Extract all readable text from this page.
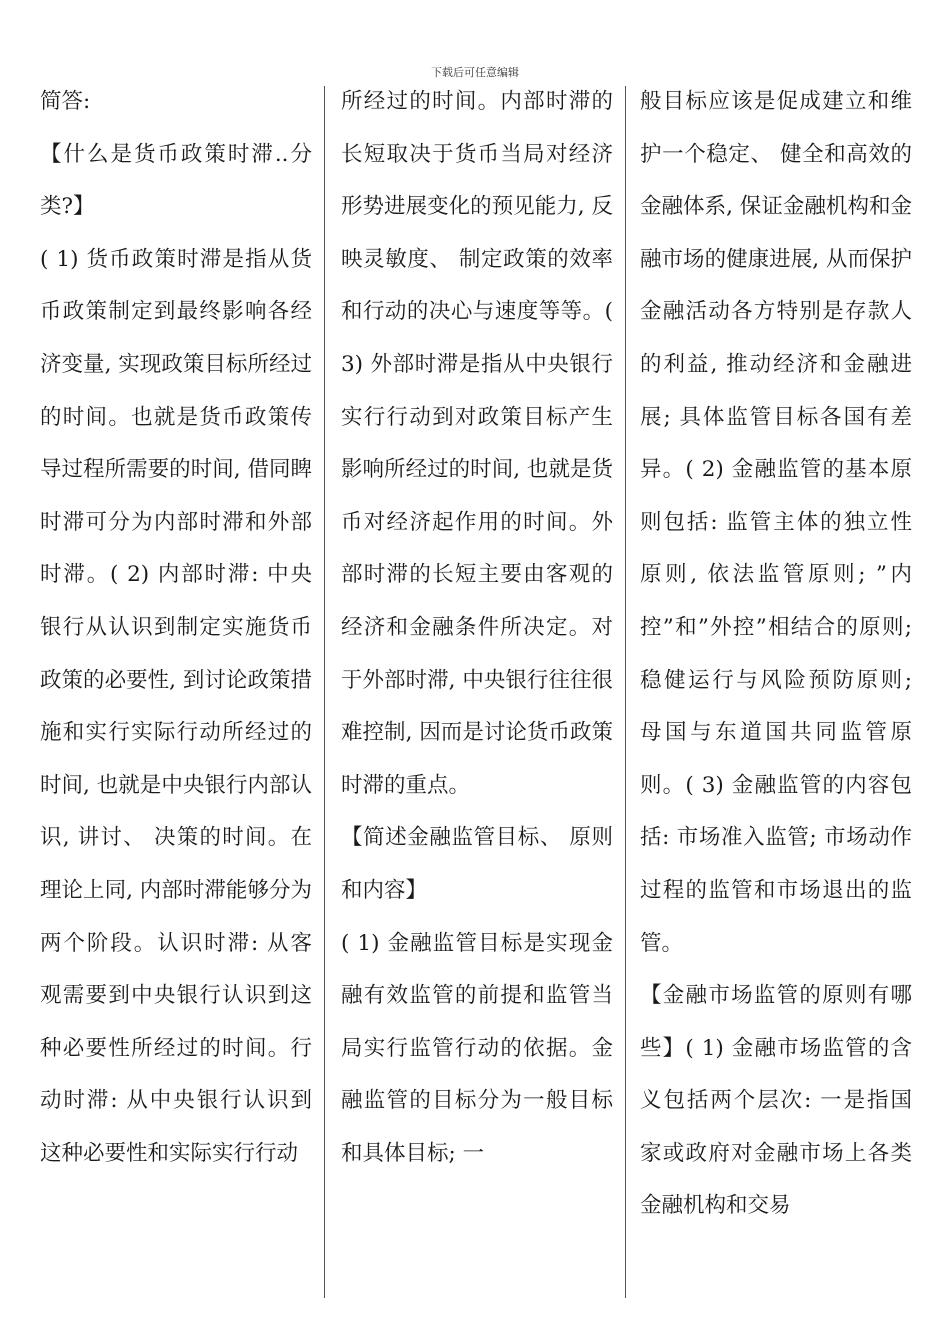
下载后可任意编辑
简答:
【什么是货币政策时滞..分类?】
( 1) 货币政策时滞是指从货币政策制定到最终影响各经济变量, 实现政策目标所经过的时间。也就是货币政策传导过程所需要的时间, 借同睥时滞可分为内部时滞和外部时滞。( 2) 内部时滞: 中央银行从认识到制定实施货币政策的必要性, 到讨论政策措施和实行实际行动所经过的时间, 也就是中央银行内部认识, 讲讨、 决策的时间。在理论上同, 内部时滞能够分为两个阶段。认识时滞: 从客观需要到中央银行认识到这种必要性所经过的时间。行动时滞: 从中央银行认识到这种必要性和实际实行行动
所经过的时间。内部时滞的长短取决于货币当局对经济形势进展变化的预见能力, 反映灵敏度、 制定政策的效率和行动的决心与速度等等。( 3) 外部时滞是指从中央银行实行行动到对政策目标产生影响所经过的时间, 也就是货币对经济起作用的时间。外部时滞的长短主要由客观的经济和金融条件所决定。对于外部时滞, 中央银行往往很难控制, 因而是讨论货币政策时滞的重点。
【简述金融监管目标、 原则和内容】
( 1) 金融监管目标是实现金融有效监管的前提和监管当局实行监管行动的依据。金融监管的目标分为一般目标和具体目标; 一
般目标应该是促成建立和维护一个稳定、 健全和高效的金融体系, 保证金融机构和金融市场的健康进展, 从而保护金融活动各方特别是存款人的利益, 推动经济和金融进展; 具体监管目标各国有差异。( 2) 金融监管的基本原则包括: 监管主体的独立性原则, 依法监管原则; ”内控”和”外控”相结合的原则; 稳健运行与风险预防原则; 母国与东道国共同监管原则。( 3) 金融监管的内容包括: 市场准入监管; 市场动作过程的监管和市场退出的监管。
【金融市场监管的原则有哪些】( 1) 金融市场监管的含义包括两个层次: 一是指国家或政府对金融市场上各类金融机构和交易
